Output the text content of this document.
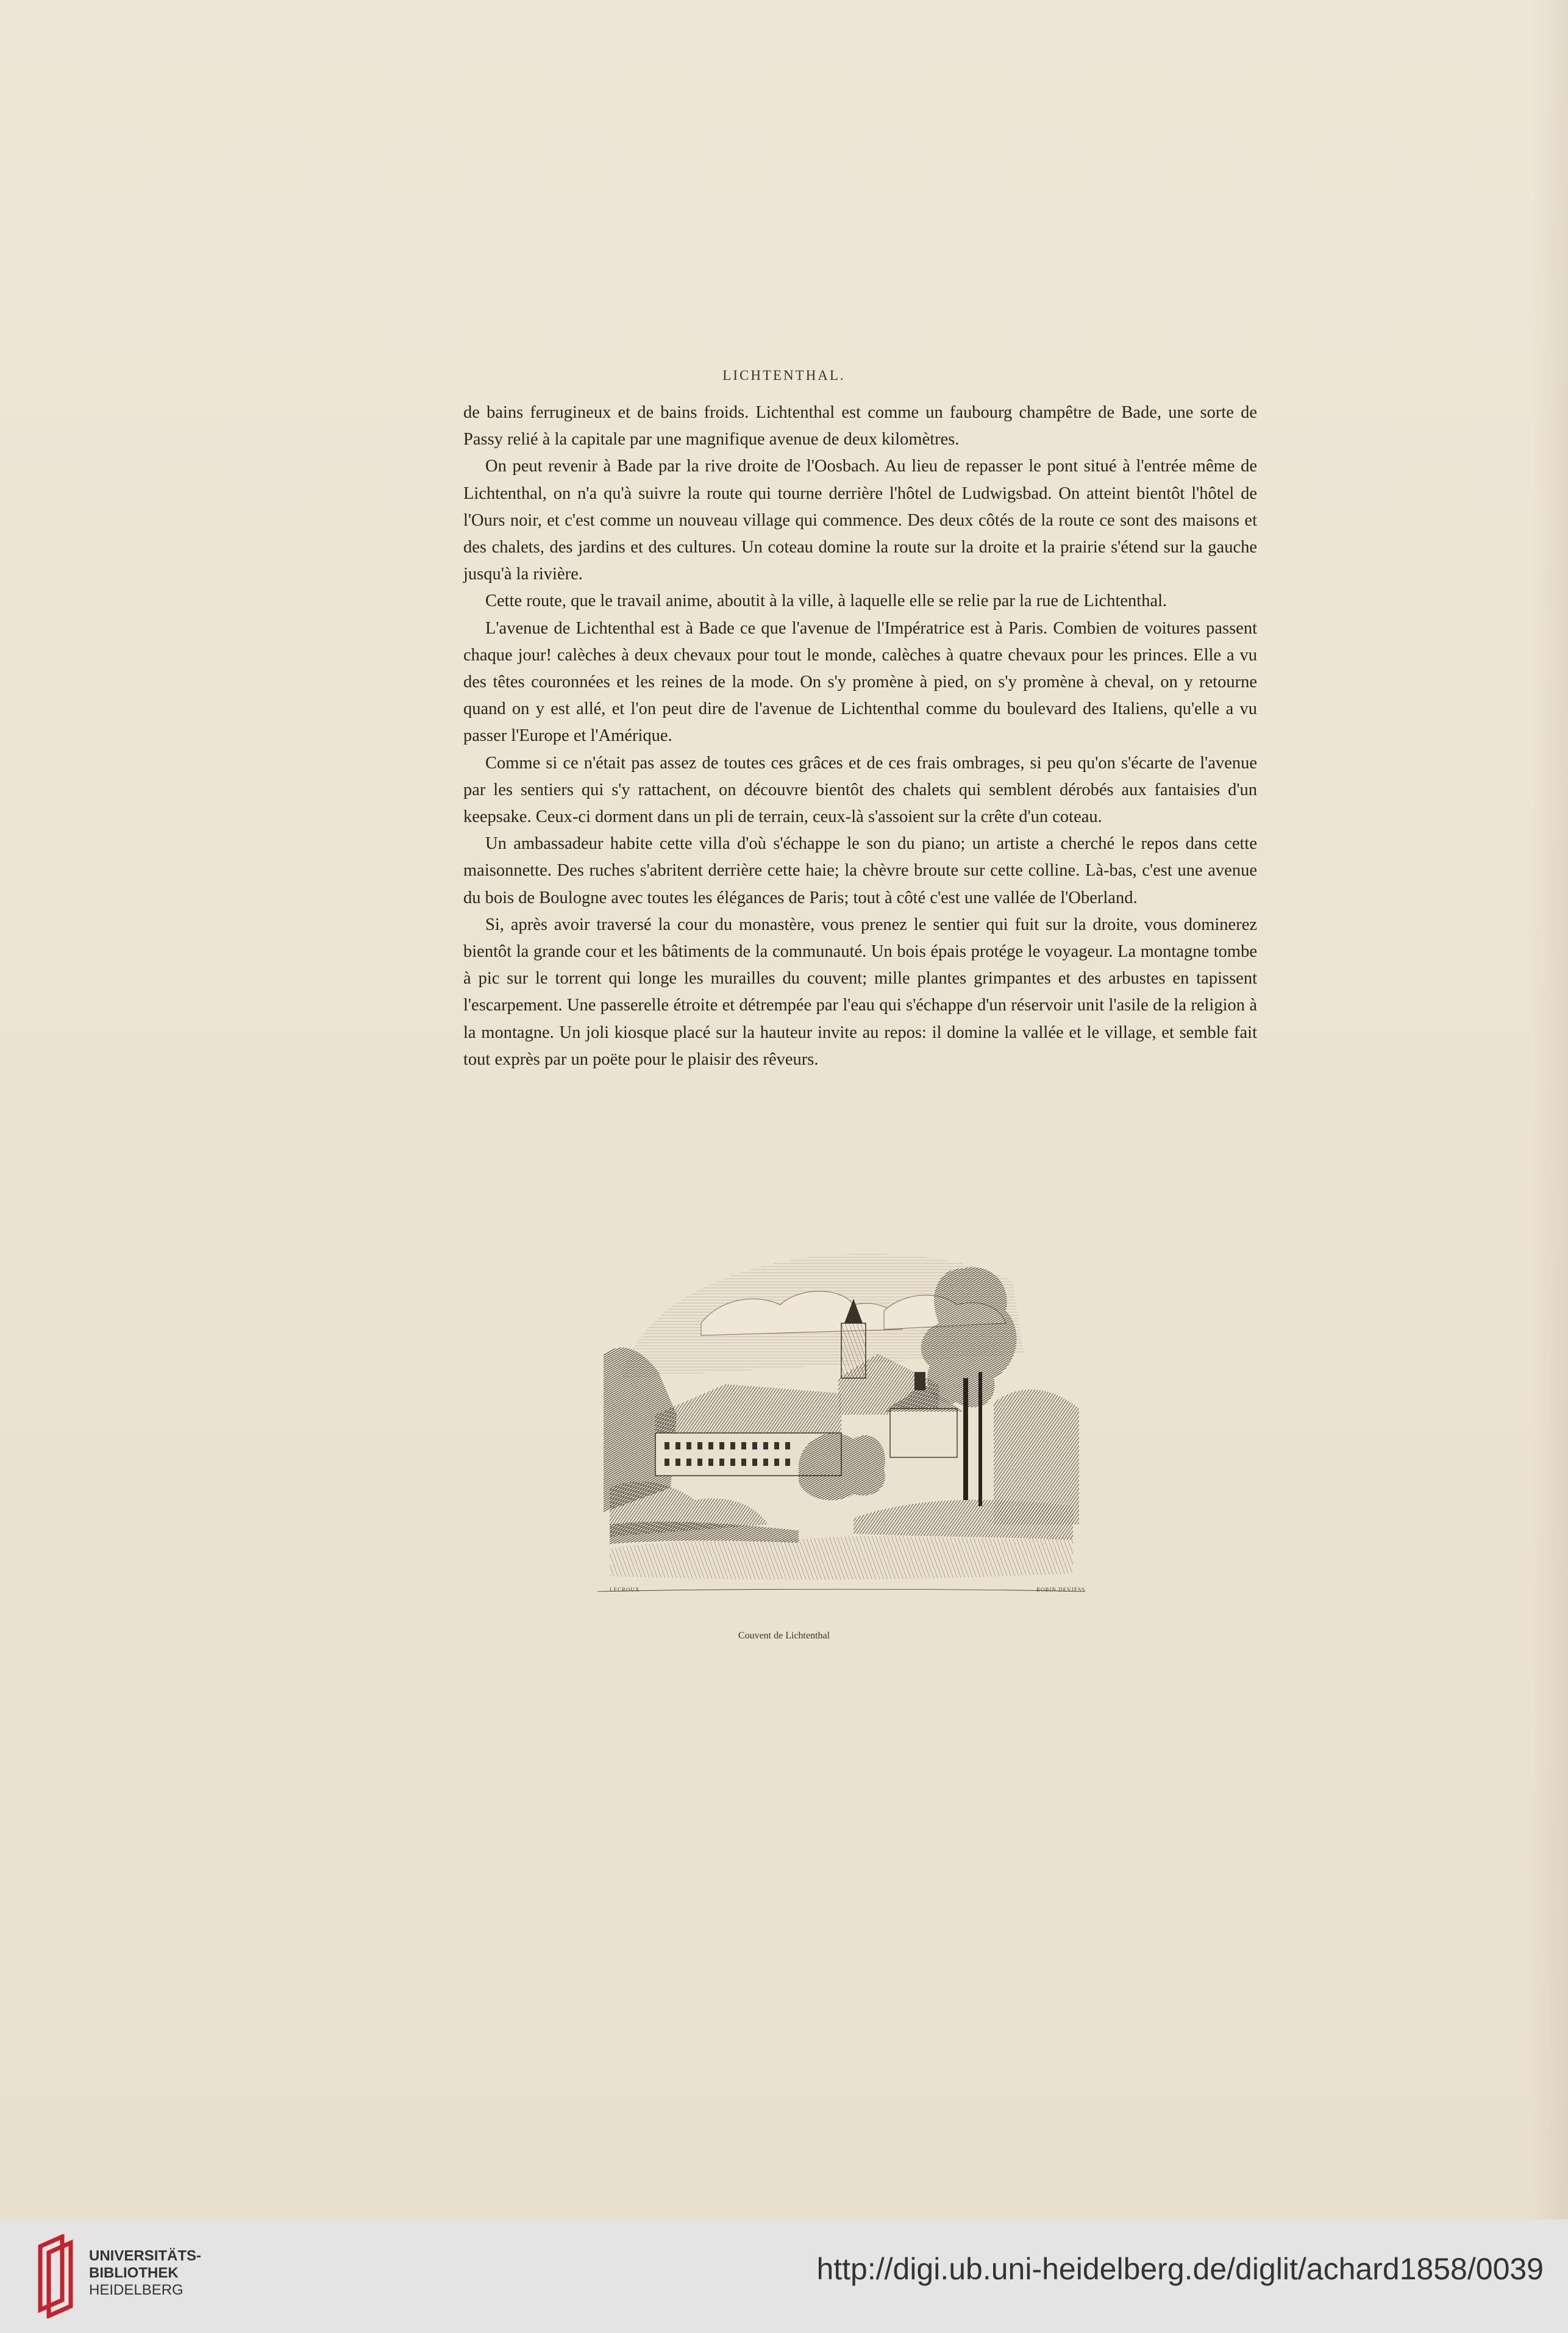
LICHTENTHAL.

de bains ferrugineux et de bains froids. Lichtenthal est comme un faubourg champêtre de Bade, une sorte de Passy relié à la capitale par une magnifique avenue de deux kilomètres.

On peut revenir à Bade par la rive droite de l'Oosbach. Au lieu de repasser le pont situé à l'entrée même de Lichtenthal, on n'a qu'à suivre la route qui tourne derrière l'hôtel de Ludwigsbad. On atteint bientôt l'hôtel de l'Ours noir, et c'est comme un nouveau village qui commence. Des deux côtés de la route ce sont des maisons et des chalets, des jardins et des cultures. Un coteau domine la route sur la droite et la prairie s'étend sur la gauche jusqu'à la rivière.

Cette route, que le travail anime, aboutit à la ville, à laquelle elle se relie par la rue de Lichtenthal.

L'avenue de Lichtenthal est à Bade ce que l'avenue de l'Impératrice est à Paris. Combien de voitures passent chaque jour! calèches à deux chevaux pour tout le monde, calèches à quatre chevaux pour les princes. Elle a vu des têtes couronnées et les reines de la mode. On s'y promène à pied, on s'y promène à cheval, on y retourne quand on y est allé, et l'on peut dire de l'avenue de Lichtenthal comme du boulevard des Italiens, qu'elle a vu passer l'Europe et l'Amérique.

Comme si ce n'était pas assez de toutes ces grâces et de ces frais ombrages, si peu qu'on s'écarte de l'avenue par les sentiers qui s'y rattachent, on découvre bientôt des chalets qui semblent dérobés aux fantaisies d'un keepsake. Ceux-ci dorment dans un pli de terrain, ceux-là s'assoient sur la crête d'un coteau.

Un ambassadeur habite cette villa d'où s'échappe le son du piano; un artiste a cherché le repos dans cette maisonnette. Des ruches s'abritent derrière cette haie; la chèvre broute sur cette colline. Là-bas, c'est une avenue du bois de Boulogne avec toutes les élégances de Paris; tout à côté c'est une vallée de l'Oberland.

Si, après avoir traversé la cour du monastère, vous prenez le sentier qui fuit sur la droite, vous dominerez bientôt la grande cour et les bâtiments de la communauté. Un bois épais protége le voyageur. La montagne tombe à pic sur le torrent qui longe les murailles du couvent; mille plantes grimpantes et des arbustes en tapissent l'escarpement. Une passerelle étroite et détrempée par l'eau qui s'échappe d'un réservoir unit l'asile de la religion à la montagne. Un joli kiosque placé sur la hauteur invite au repos: il domine la vallée et le village, et semble fait tout exprès par un poëte pour le plaisir des rêveurs.

LECROUX	ROBIN.DEVIESS
Couvent de Lichtenthal
UNIVERSITÄTS-
BIBLIOTHEK
HEIDELBERG
http://digi.ub.uni-heidelberg.de/diglit/achard1858/0039
